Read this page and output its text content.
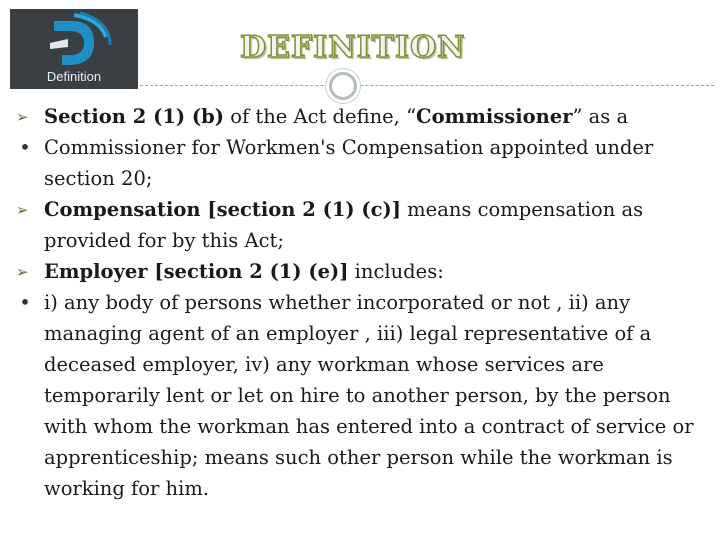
Definition
DEFINITION
➢ Section 2 (1) (b) of the Act define, “Commissioner” as a
• Commissioner for Workmen's Compensation appointed under section 20;
➢ Compensation [section 2 (1) (c)] means compensation as provided for by this Act;
➢ Employer [section 2 (1) (e)] includes:
• i) any body of persons whether incorporated or not , ii) any managing agent of an employer , iii) legal representative of a deceased employer, iv) any workman whose services are temporarily lent or let on hire to another person, by the person with whom the workman has entered into a contract of service or apprenticeship; means such other person while the workman is working for him.
